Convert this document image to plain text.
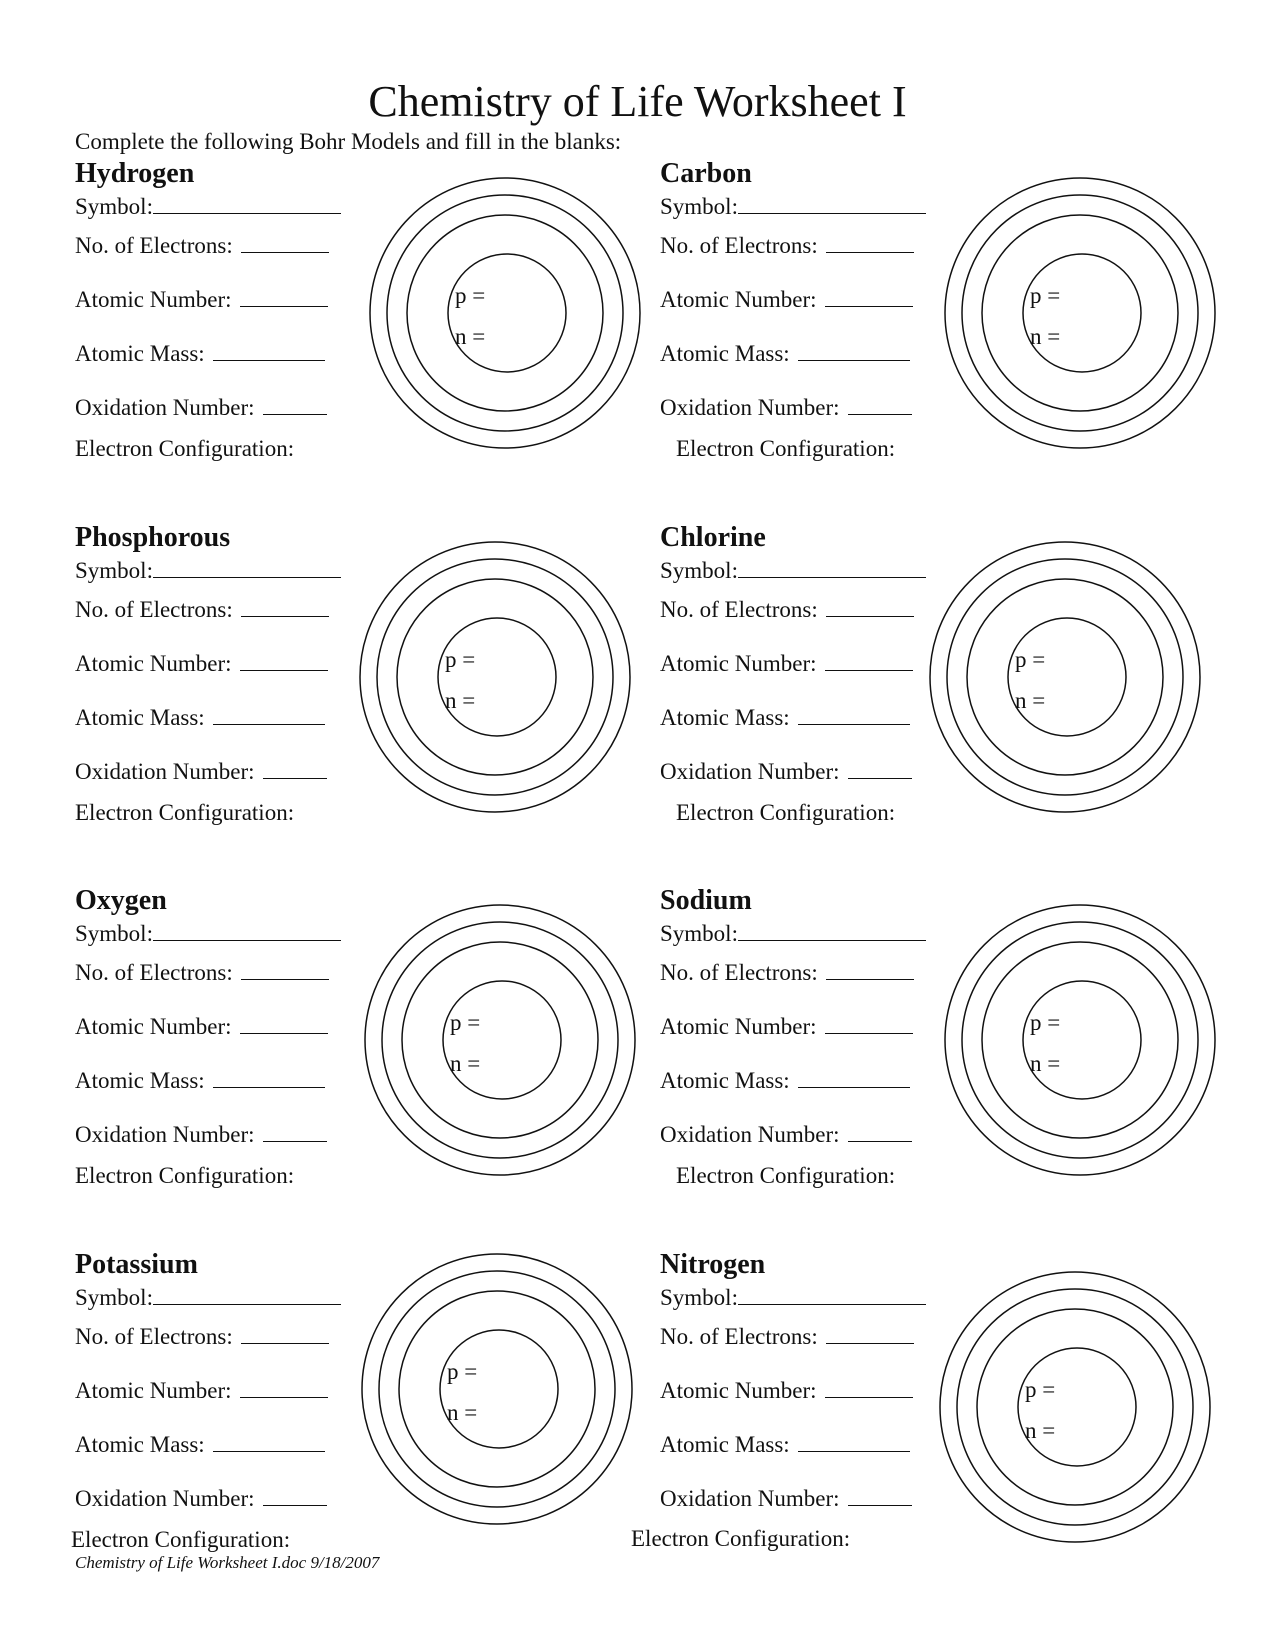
Chemistry of Life Worksheet I

Complete the following Bohr Models and fill in the blanks:

Hydrogen
Symbol:
No. of Electrons:
Atomic Number:
Atomic Mass:
Oxidation Number:
Electron Configuration:
p =
n =
Carbon
Symbol:
No. of Electrons:
Atomic Number:
Atomic Mass:
Oxidation Number:
Electron Configuration:
p =
n =
Phosphorous
Symbol:
No. of Electrons:
Atomic Number:
Atomic Mass:
Oxidation Number:
Electron Configuration:
p =
n =
Chlorine
Symbol:
No. of Electrons:
Atomic Number:
Atomic Mass:
Oxidation Number:
Electron Configuration:
p =
n =
Oxygen
Symbol:
No. of Electrons:
Atomic Number:
Atomic Mass:
Oxidation Number:
Electron Configuration:
p =
n =
Sodium
Symbol:
No. of Electrons:
Atomic Number:
Atomic Mass:
Oxidation Number:
Electron Configuration:
p =
n =
Potassium
Symbol:
No. of Electrons:
Atomic Number:
Atomic Mass:
Oxidation Number:
Electron Configuration:
p =
n =
Nitrogen
Symbol:
No. of Electrons:
Atomic Number:
Atomic Mass:
Oxidation Number:
Electron Configuration:
p =
n =

Chemistry of Life Worksheet I.doc 9/18/2007
